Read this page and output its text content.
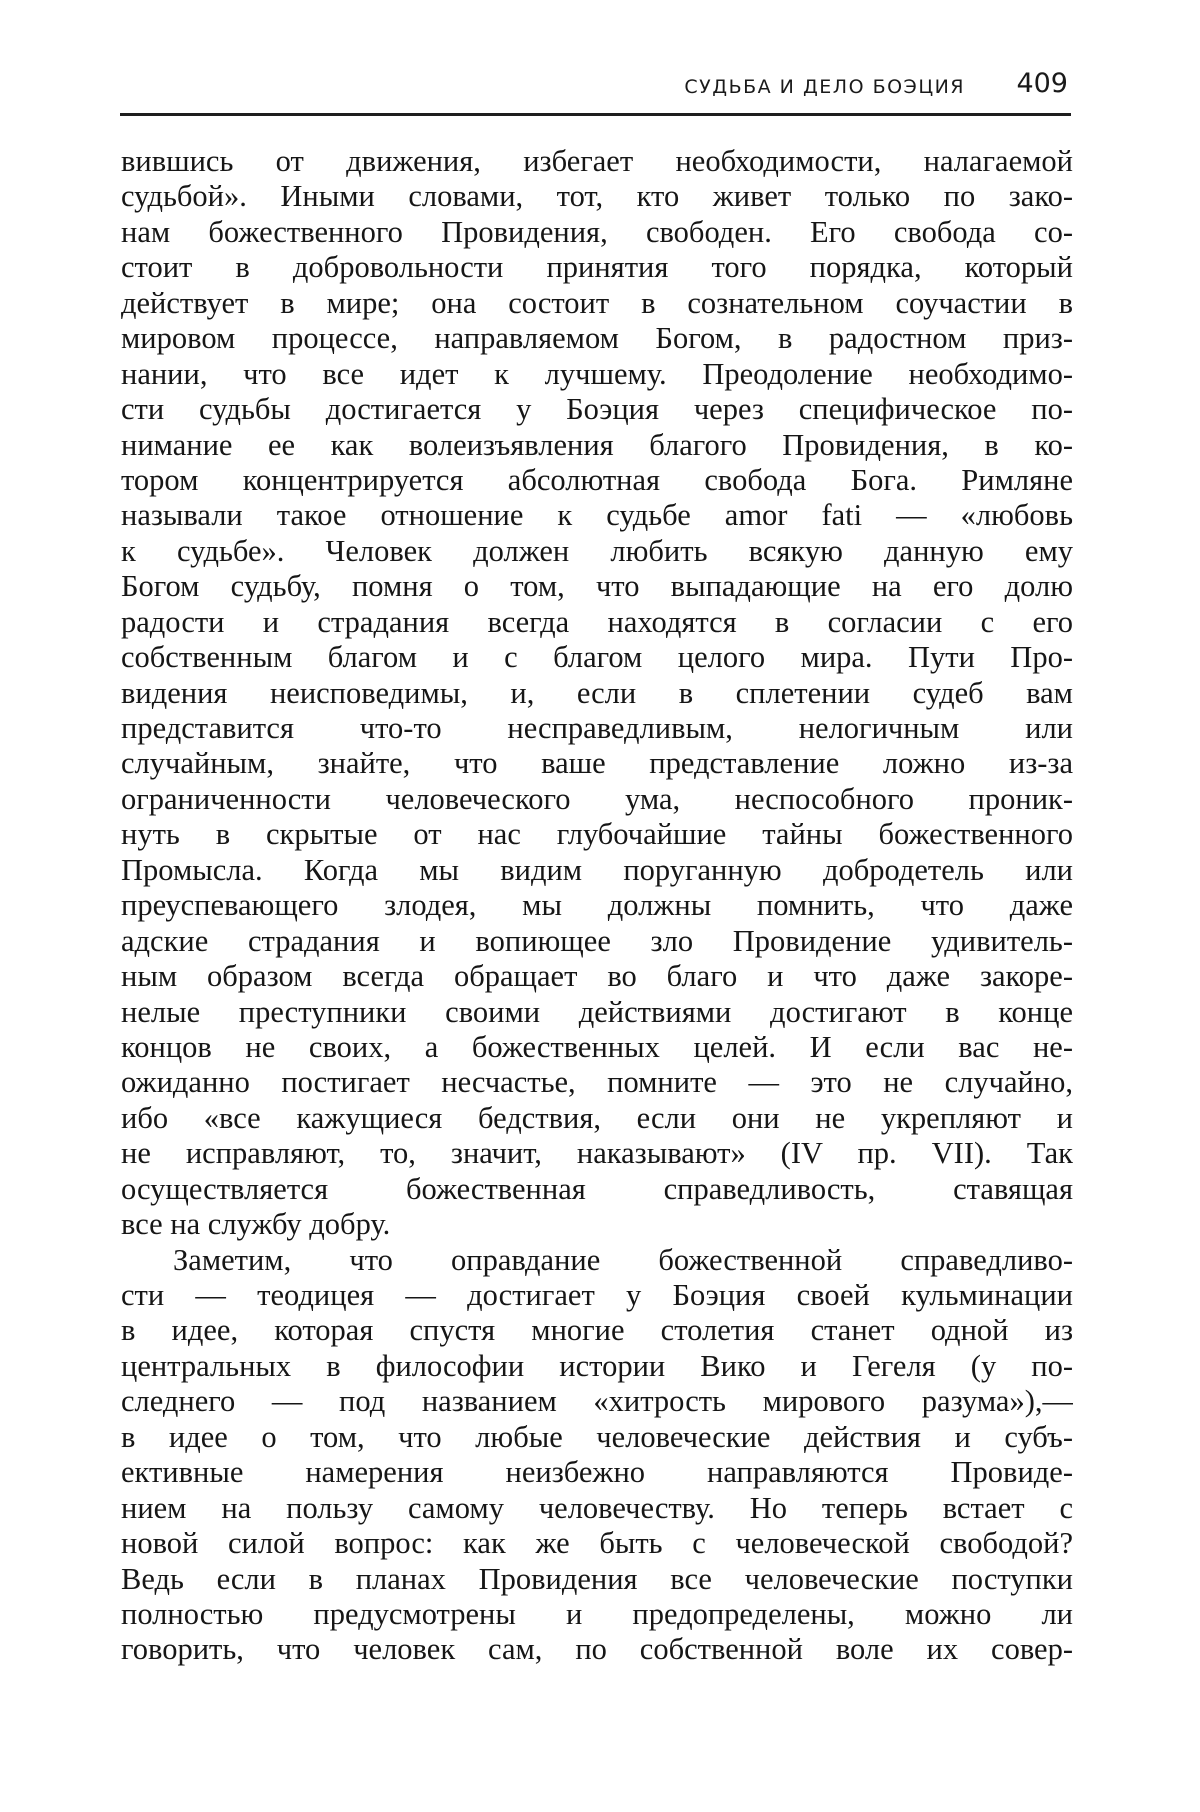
СУДЬБА И ДЕЛО БОЭЦИЯ 409
вившись от движения, избегает необходимости, налагаемой
судьбой». Иными словами, тот, кто живет только по зако-
нам божественного Провидения, свободен. Его свобода со-
стоит в добровольности принятия того порядка, который
действует в мире; она состоит в сознательном соучастии в
мировом процессе, направляемом Богом, в радостном приз-
нании, что все идет к лучшему. Преодоление необходимо-
сти судьбы достигается у Боэция через специфическое по-
нимание ее как волеизъявления благого Провидения, в ко-
тором концентрируется абсолютная свобода Бога. Римляне
называли такое отношение к судьбе amor fati — «любовь
к судьбе». Человек должен любить всякую данную ему
Богом судьбу, помня о том, что выпадающие на его долю
радости и страдания всегда находятся в согласии с его
собственным благом и с благом целого мира. Пути Про-
видения неисповедимы, и, если в сплетении судеб вам
представится что-то несправедливым, нелогичным или
случайным, знайте, что ваше представление ложно из-за
ограниченности человеческого ума, неспособного проник-
нуть в скрытые от нас глубочайшие тайны божественного
Промысла. Когда мы видим поруганную добродетель или
преуспевающего злодея, мы должны помнить, что даже
адские страдания и вопиющее зло Провидение удивитель-
ным образом всегда обращает во благо и что даже закоре-
нелые преступники своими действиями достигают в конце
концов не своих, а божественных целей. И если вас не-
ожиданно постигает несчастье, помните — это не случайно,
ибо «все кажущиеся бедствия, если они не укрепляют и
не исправляют, то, значит, наказывают» (IV пр. VII). Так
осуществляется божественная справедливость, ставящая
все на службу добру.
Заметим, что оправдание божественной справедливо-
сти — теодицея — достигает у Боэция своей кульминации
в идее, которая спустя многие столетия станет одной из
центральных в философии истории Вико и Гегеля (у по-
следнего — под названием «хитрость мирового разума»),—
в идее о том, что любые человеческие действия и субъ-
ективные намерения неизбежно направляются Провиде-
нием на пользу самому человечеству. Но теперь встает с
новой силой вопрос: как же быть с человеческой свободой?
Ведь если в планах Провидения все человеческие поступки
полностью предусмотрены и предопределены, можно ли
говорить, что человек сам, по собственной воле их совер-
